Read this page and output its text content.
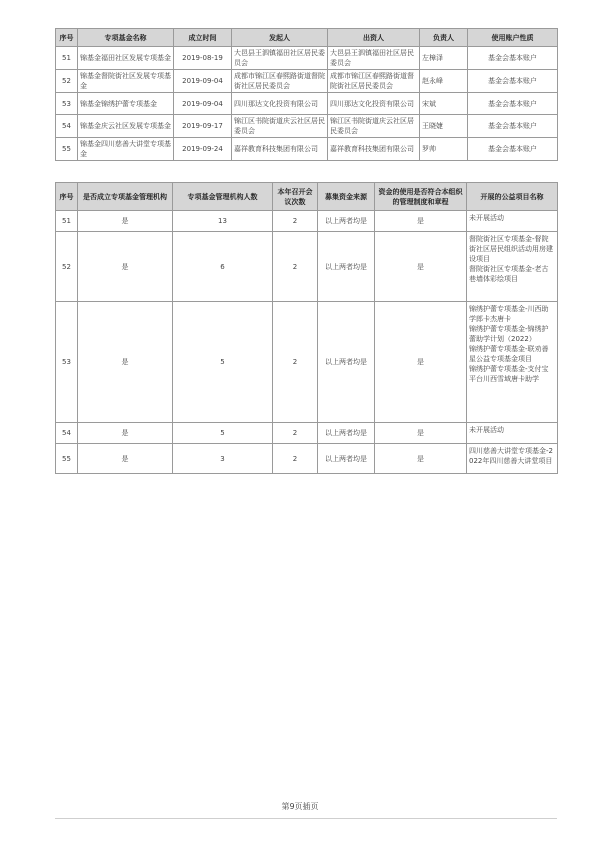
序号	专项基金名称	成立时间	发起人	出资人	负责人	使用账户性质
51	锦基金福田社区发展专项基金	2019-08-19	大邑县王泗镇福田社区居民委员会	大邑县王泗镇福田社区居民委员会	左樟泽	基金会基本账户
52	锦基金督院街社区发展专项基金	2019-09-04	成都市锦江区春熙路街道督院街社区居民委员会	成都市锦江区春熙路街道督院街社区居民委员会	赵永峰	基金会基本账户
53	锦基金锦绣护蕾专项基金	2019-09-04	四川那达文化投资有限公司	四川那达文化投资有限公司	宋斌	基金会基本账户
54	锦基金庆云社区发展专项基金	2019-09-17	锦江区书院街道庆云社区居民委员会	锦江区书院街道庆云社区居民委员会	王晓婕	基金会基本账户
55	锦基金四川慈善大讲堂专项基金	2019-09-24	嘉祥教育科技集团有限公司	嘉祥教育科技集团有限公司	罗帅	基金会基本账户
序号	是否成立专项基金管理机构	专项基金管理机构人数	本年召开会议次数	募集资金来源	资金的使用是否符合本组织的管理制度和章程	开展的公益项目名称
51	是	13	2	以上两者均是	是	未开展活动
52	是	6	2	以上两者均是	是	督院街社区专项基金-督院街社区居民组织活动用房建设项目
督院街社区专项基金-老古巷墙体彩绘项目
53	是	5	2	以上两者均是	是	锦绣护蕾专项基金-川西助学郎卡杰唐卡
锦绣护蕾专项基金-锦绣护蕾助学计划（2022）
锦绣护蕾专项基金-联劝善星公益专项基金项目
锦绣护蕾专项基金-支付宝平台川西雪域唐卡助学
54	是	5	2	以上两者均是	是	未开展活动
55	是	3	2	以上两者均是	是	四川慈善大讲堂专项基金-2022年四川慈善大讲堂项目
第9页插页
